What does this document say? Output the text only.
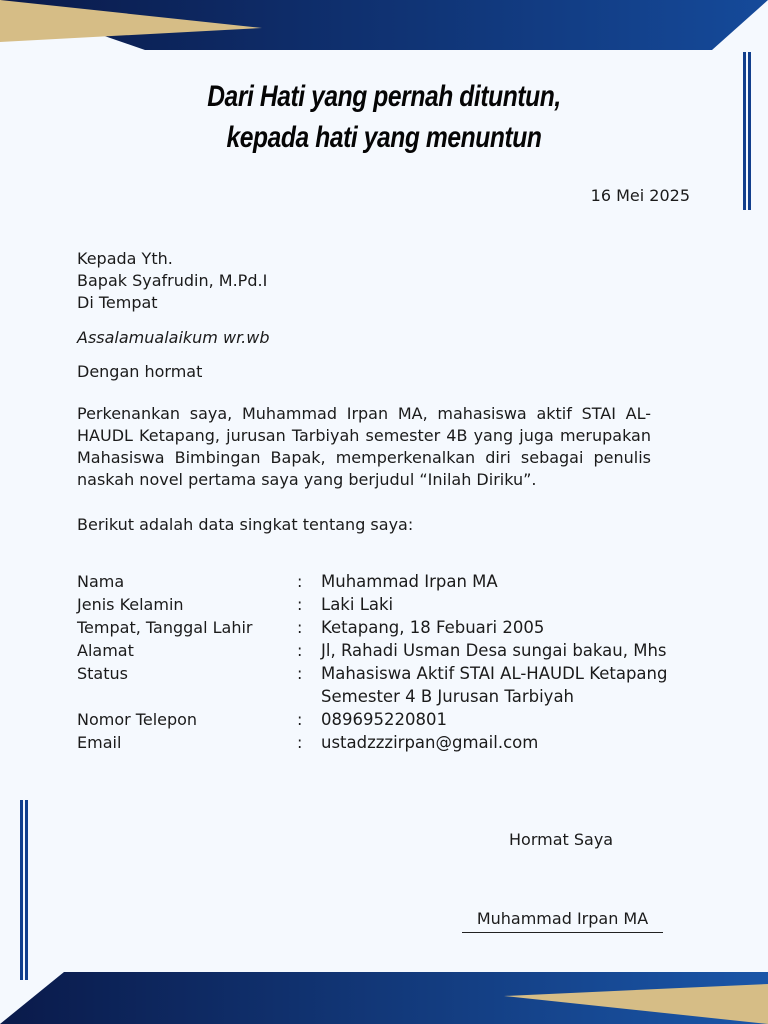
Dari Hati yang pernah dituntun,
kepada hati yang menuntun
16 Mei 2025
Kepada Yth.
Bapak Syafrudin, M.Pd.I
Di Tempat
Assalamualaikum wr.wb
Dengan hormat
Perkenankan saya, Muhammad Irpan MA, mahasiswa aktif STAI AL-HAUDL Ketapang, jurusan Tarbiyah semester 4B yang juga merupakan Mahasiswa Bimbingan Bapak, memperkenalkan diri sebagai penulis naskah novel pertama saya yang berjudul “Inilah Diriku”.
Berikut adalah data singkat tentang saya:
Nama	: Muhammad Irpan MA
Jenis Kelamin	: Laki Laki
Tempat, Tanggal Lahir	: Ketapang, 18 Febuari 2005
Alamat	: Jl, Rahadi Usman Desa sungai bakau, Mhs
Status	: Mahasiswa Aktif STAI AL-HAUDL Ketapang
Semester 4 B Jurusan Tarbiyah
Nomor Telepon	: 089695220801
Email	: ustadzzzirpan@gmail.com
Hormat Saya
Muhammad Irpan MA
